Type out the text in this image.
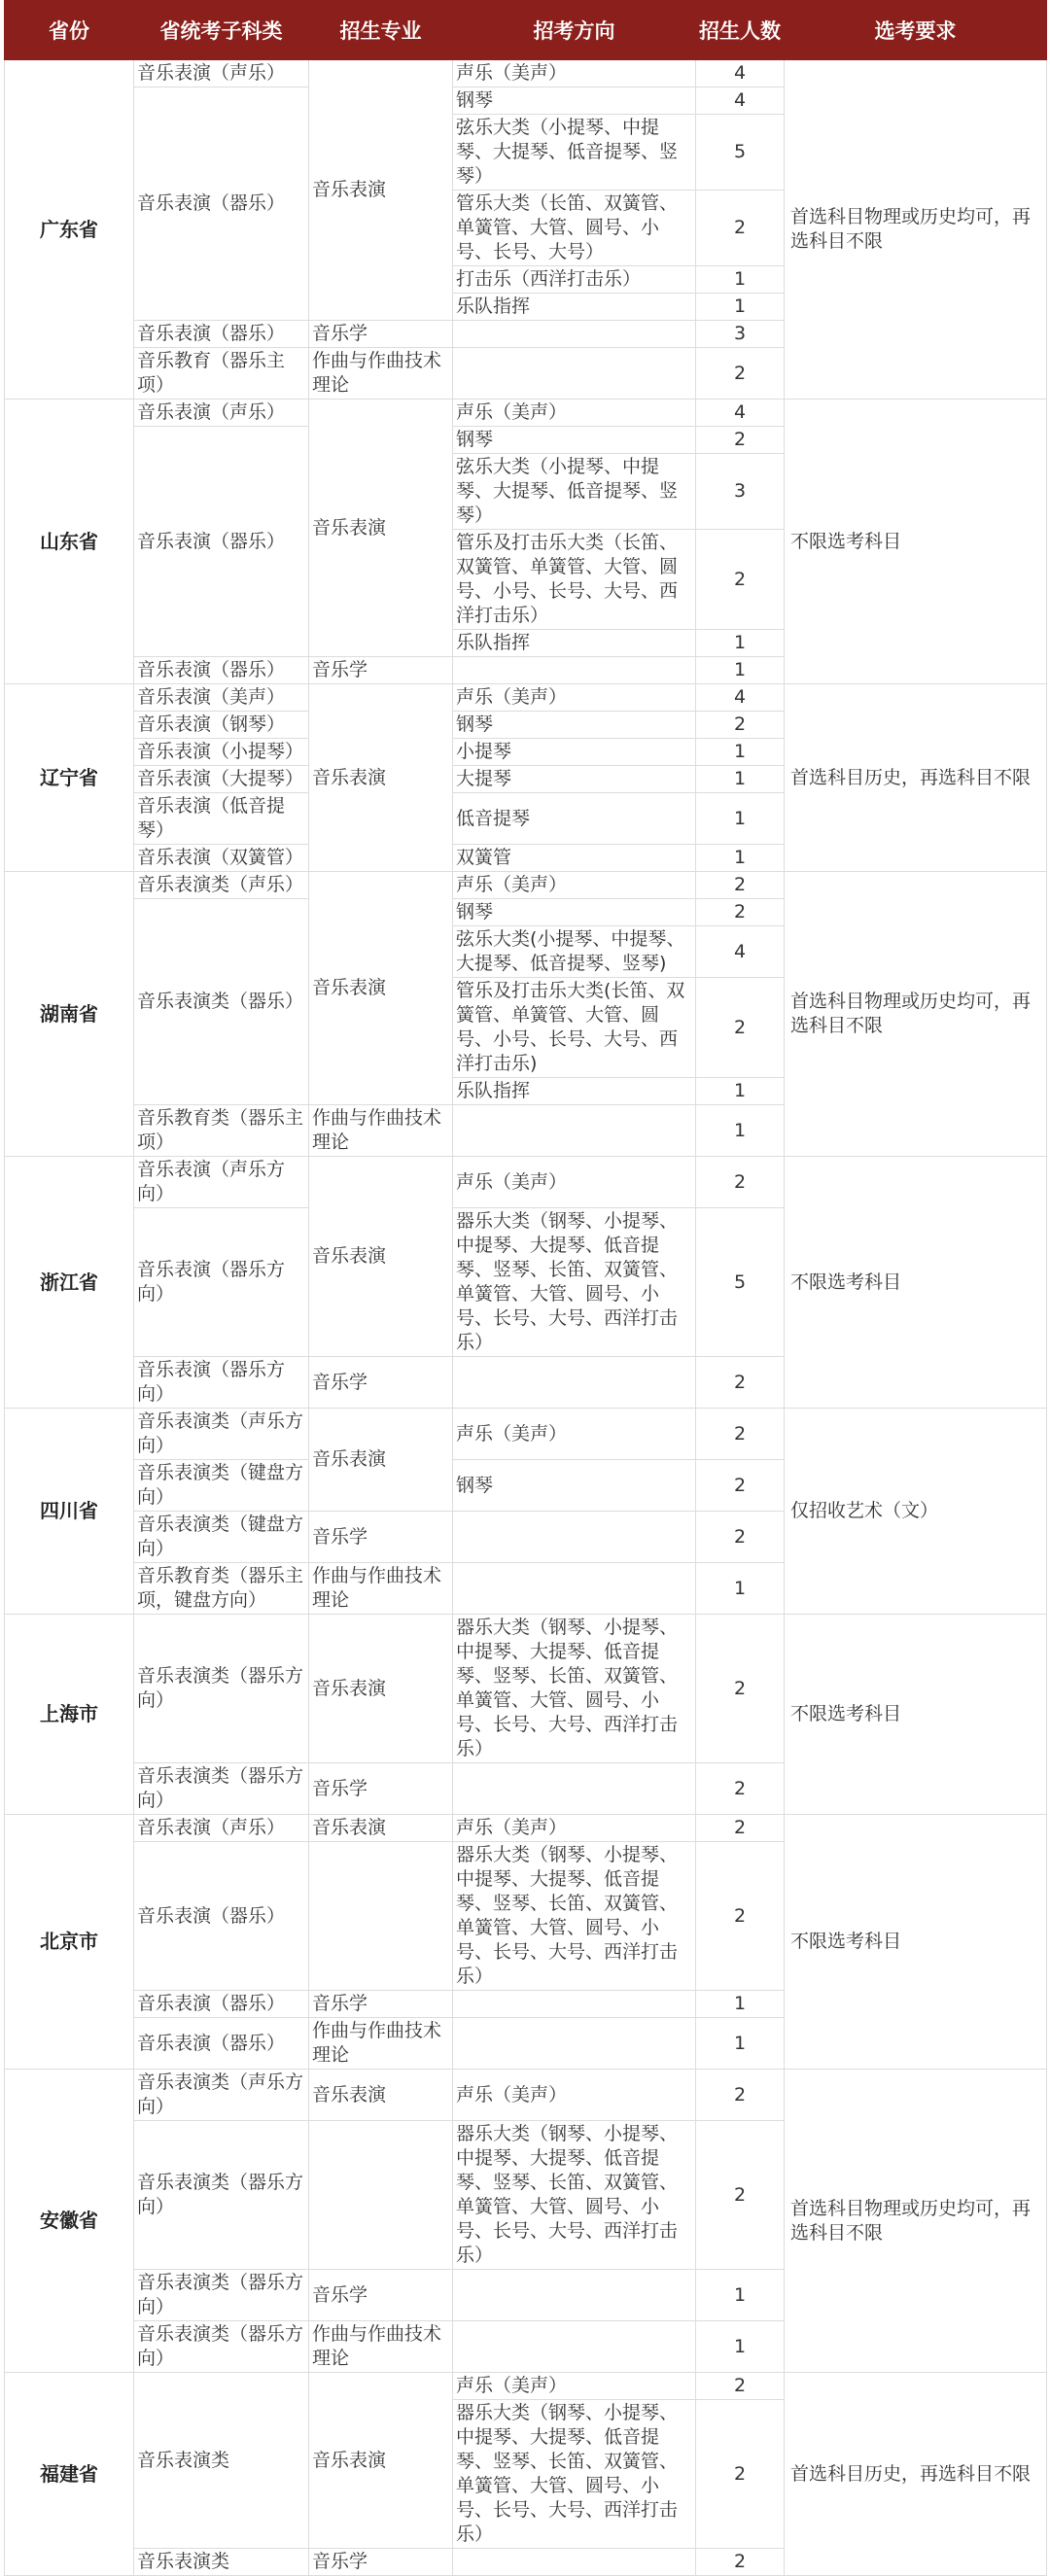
省份	省统考子科类	招生专业	招考方向	招生人数	选考要求
广东省	音乐表演（声乐）	音乐表演	声乐（美声）	4	首选科目物理或历史均可，再选科目不限
	音乐表演（器乐）		钢琴	4	
			弦乐大类（小提琴、中提琴、大提琴、低音提琴、竖琴）	5	
			管乐大类（长笛、双簧管、单簧管、大管、圆号、小号、长号、大号）	2	
			打击乐（西洋打击乐）	1	
			乐队指挥	1	
	音乐表演（器乐）	音乐学		3	
	音乐教育（器乐主项）	作曲与作曲技术理论		2	
山东省	音乐表演（声乐）	音乐表演	声乐（美声）	4	不限选考科目
	音乐表演（器乐）		钢琴	2	
			弦乐大类（小提琴、中提琴、大提琴、低音提琴、竖琴）	3	
			管乐及打击乐大类（长笛、双簧管、单簧管、大管、圆号、小号、长号、大号、西洋打击乐）	2	
			乐队指挥	1	
	音乐表演（器乐）	音乐学		1	
辽宁省	音乐表演（美声）	音乐表演	声乐（美声）	4	首选科目历史，再选科目不限
	音乐表演（钢琴）		钢琴	2	
	音乐表演（小提琴）		小提琴	1	
	音乐表演（大提琴）		大提琴	1	
	音乐表演（低音提琴）		低音提琴	1	
	音乐表演（双簧管）		双簧管	1	
湖南省	音乐表演类（声乐）	音乐表演	声乐（美声）	2	首选科目物理或历史均可，再选科目不限
	音乐表演类（器乐）		钢琴	2	
			弦乐大类(小提琴、中提琴、大提琴、低音提琴、竖琴)	4	
			管乐及打击乐大类(长笛、双簧管、单簧管、大管、圆号、小号、长号、大号、西洋打击乐)	2	
			乐队指挥	1	
	音乐教育类（器乐主项）	作曲与作曲技术理论		1	
浙江省	音乐表演（声乐方向）	音乐表演	声乐（美声）	2	不限选考科目
	音乐表演（器乐方向）		器乐大类（钢琴、小提琴、中提琴、大提琴、低音提琴、竖琴、长笛、双簧管、单簧管、大管、圆号、小号、长号、大号、西洋打击乐）	5	
	音乐表演（器乐方向）	音乐学		2	
四川省	音乐表演类（声乐方向）	音乐表演	声乐（美声）	2	仅招收艺术（文）
	音乐表演类（键盘方向）		钢琴	2	
	音乐表演类（键盘方向）	音乐学		2	
	音乐教育类（器乐主项，键盘方向）	作曲与作曲技术理论		1	
上海市	音乐表演类（器乐方向）	音乐表演	器乐大类（钢琴、小提琴、中提琴、大提琴、低音提琴、竖琴、长笛、双簧管、单簧管、大管、圆号、小号、长号、大号、西洋打击乐）	2	不限选考科目
	音乐表演类（器乐方向）	音乐学		2	
北京市	音乐表演（声乐）	音乐表演	声乐（美声）	2	不限选考科目
	音乐表演（器乐）		器乐大类（钢琴、小提琴、中提琴、大提琴、低音提琴、竖琴、长笛、双簧管、单簧管、大管、圆号、小号、长号、大号、西洋打击乐）	2	
	音乐表演（器乐）	音乐学		1	
	音乐表演（器乐）	作曲与作曲技术理论		1	
安徽省	音乐表演类（声乐方向）	音乐表演	声乐（美声）	2	首选科目物理或历史均可，再选科目不限
	音乐表演类（器乐方向）		器乐大类（钢琴、小提琴、中提琴、大提琴、低音提琴、竖琴、长笛、双簧管、单簧管、大管、圆号、小号、长号、大号、西洋打击乐）	2	
	音乐表演类（器乐方向）	音乐学		1	
	音乐表演类（器乐方向）	作曲与作曲技术理论		1	
福建省	音乐表演类	音乐表演	声乐（美声）	2	首选科目历史，再选科目不限
			器乐大类（钢琴、小提琴、中提琴、大提琴、低音提琴、竖琴、长笛、双簧管、单簧管、大管、圆号、小号、长号、大号、西洋打击乐）	2	
	音乐表演类	音乐学		2	
